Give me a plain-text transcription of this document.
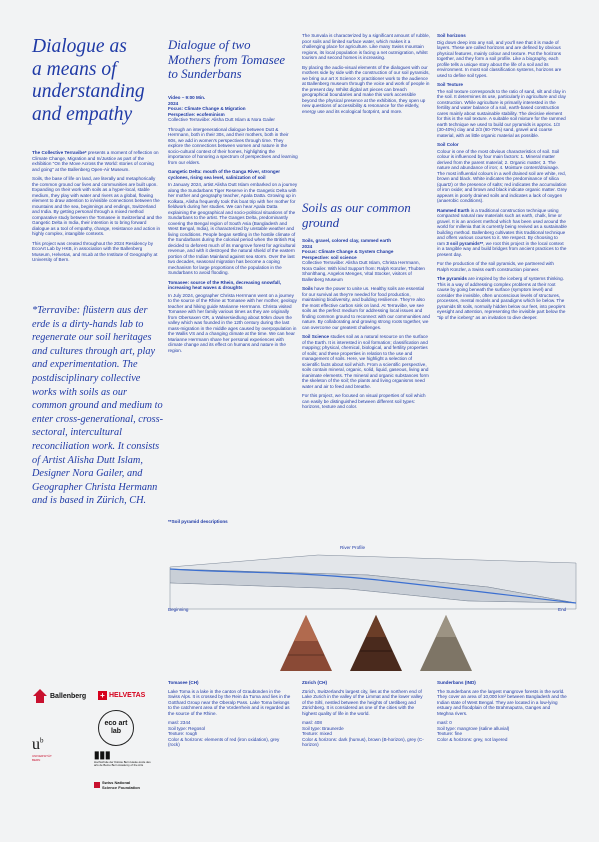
Dialogue as
a means of
understanding
and empathy

The Collective Terravibe* presents a moment of reflection on Climate Change, Migration and In/Justice as part of the exhibition "On the Move Across the World: stories of coming and going" at the Ballenberg Open-Air Museum.

Soils, the base of life on land, are literally and metaphorically the common ground our lives and communities are built upon. Expanding on their work with soils as a hyper-local, stable medium, they play with water and rivers as a global, flowing element to draw attention to in/visible connections between the mountains and the sea, beginnings and endings, Switzerland and India. By getting personal through a mixed method comparative study between the Tomasee in Switzerland and the Gangetic Delta in India, their intention is to bring forward dialogue as a tool of empathy, change, resistance and action in highly complex, intangible contexts.

This project was created throughout the 2024 Residency by EcoArt Lab by HKB, in association with the Ballenberg Museum, Helvetas, and mLab at the Institute of Geography at University of Bern.

*Terravibe: flüstern aus der erde is a dirty-hands lab to regenerate our soil heritages and cultures through art, play and experimentation. The postdisciplinary collective works with soils as our common ground and medium to enter cross-generational, cross-sectoral, intercultural reconciliation work. It consists of Artist Alisha Dutt Islam, Designer Nora Gailer, and Geographer Christa Hermann and is based in Zürich, CH.
Ballenberg + HELVETAS
eco art lab
$u^b$
UNIVERSITÄT BERN	▮▮▮
Hochschule der Künste Bern Haute école des arts de Berne Bern Academy of the Arts
Swiss National Science Foundation
Dialogue of two Mothers from Tomasee to Sunderbans

Video – 9:00 Min.
2024
Focus: Climate Change & Migration
Perspective: ecofeminism
Collective Terraviibe: Alisha Dutt Islam & Nora Gailer

Through an intergenerational dialogue between Dutt & Herrmann, both in their 30s, and their mothers, both in their 60s, we add in women's perspectives through time. They explore the connections between women and nature in the socio-cultural context of their homes, highlighting the importance of honoring a spectrum of perspectives and learning from our elders.

Gangetic Delta: mouth of the Ganga River, stronger cyclones, rising sea level, salinization of soil

In January 2024, artist Alisha Dutt Islam embarked on a journey along the Sundarbans Tiger Reserve in the Gangetic Delta with her mother and geography teacher, Apala Datta. Growing up in Kolkata, Alisha frequently took this boat trip with her mother for fieldwork during her studies. We can hear Apala Datta explaining the geographical and socio-political situations of the Sundarbans to the artist. The Ganges Delta, predominantly covering the Bengal region of South Asia (Bangladesh and West Bengal, India), is characterized by unstable weather and living conditions. People began settling in the hostile climate of the Sundarbans during the colonial period when the British Raj decided to deforest much of its mangrove forest for agricultural revenue, and with it destroyed the natural shield of the eastern portion of the Indian Mainland against sea storm. Over the last two decades, seasonal migration has become a coping mechanism for large proportions of the population in the Sundarbans to avoid flooding.

Tomasee: source of the Rhein, decreasing snowfall, increasing heat waves & droughts

In July 2024, geographer Christa Herrmann went on a journey to the source of the Rhine at Tomasee with her mother, geology teacher and hiking guide Marianne Herrmann. Christa visited Tomasee with her family various times as they are originally from Obersaxen GR, a Walsersiedlung about 50km down the valley which was founded in the 12th century during the last mass-migration in the middle ages caused by overpopulation in the Wallis VS and a changing climate at the time. We can hear Marianne Herrmann share her personal experiences with climate change and its effect on humans and nature in the region.

The Sunvala is characterized by a significant amount of rubble, poor soils and limited surface water, which makes it a challenging place for agriculture. Like many Swiss mountain regions, its local population is facing a net outmigration, whilst tourism and second homes is increasing.

By placing the audio-visual elements of the dialogues with our mothers side by side with the construction of our soil pyramids, we bring our art X Science X practitioner work to the audience at Ballenberg museum through the voice and work of people in the present day. Whilst digital art pieces can breach geographical boundaries and make this work accessible beyond the physical presence at the exhibition, they open up new questions of accessibility & resonance for the elderly, energy use and its ecological footprint, and more.

Soils as our common ground

Soils, gravel, colored clay, rammed earth
2024
Focus: Climate Change & System Change
Perspective: soil science
Collective Terraviibe: Alisha Dutt Islam, Christa Herrmann, Nora Gailer. With kind Support from: Ralph Künzler, Thubten Shonlthang, Angelos Menges, Vital Stocker, visitors of Ballenberg Museum

Soils have the power to unite us. Healthy soils are essential for our survival as they're needed for food production, maintaining biodiversity, and building resilience. They're also the most effective carbon sink on land. At Terraviibe, we see soils as the perfect medium for addressing local issues and finding common ground to reconnect with our communities and nature. By collaborating and growing strong roots together, we can overcome our greatest challenges.

Soil Science studies soil as a natural resource on the surface of the Earth. It is interested in soil formation; classification and mapping; physical, chemical, biological, and fertility properties of soils; and these properties in relation to the use and management of soils. Here, we highlight a selection of scientific facts about soil which. From a scientific perspective, soils contain mineral, organic, solid, liquid, gaseous, living and inanimate elements. The mineral and organic substances form the skeleton of the soil; the plants and living organisms need water and air to feed and breathe.

For this project, we focused on visual properties of soil which can easily be distinguished between different soil types: horizons, texture and color.

Soil horizons

Dig down deep into any soil, and you'll see that it is made of layers. These are called horizons and are defined by obvious physical features, mainly colour and texture. Put the horizons together, and they form a soil profile. Like a biography, each profile tells a unique story about the life of a soil and its environment. In most soil classification systems, horizons are used to define soil types.

Soil Texture

The soil texture corresponds to the ratio of sand, silt and clay in the soil. It determines its use, particularly in agriculture and clay construction. While agriculture is primarily interested in the fertility and water balance of a soil, earth-based construction cares mainly about sustainable stability. The decisive element for this is the soil texture. A suitable soil mixture for the rammed earth technique we used to build our pyramids is approx. 1/3 (30-40%) clay and 2/3 (60-70%) sand, gravel and coarse material, with as little organic material as possible.

Soil Color

Colour is one of the most obvious characteristics of soil. Soil colour is influenced by four main factors: 1. Mineral matter derived from the parent material; 2. Organic matter; 3. The nature and abundance of iron; 4. Moisture content/drainage. The most influential colours in a well drained soil are white, red, brown and black. White indicates the predominance of silica (quartz) or the presence of salts; red indicates the accumulation of iron oxide; and brown and black indicate organic matter. Grey appears in poorly drained soils and indicates a lack of oxygen (anaerobic conditions).

Rammed Earth is a traditional construction technique using compacted natural raw materials such as earth, chalk, lime or gravel. It is an ancient method which has been used around the world for millenia that is currently being revived as a sustainable building method. Ballenberg cultivates this traditional technique and offers various courses to it. We respect. By choosing to ram 3 soil pyramids**, we root this project in the local context in a tangible way and build bridges from ancient practices to the present day.

For the production of the soil pyramids, we partnered with Ralph Künzler, a Swiss earth construction pioneer.

The pyramids are inspired by the iceberg of systems thinking. This is a way of addressing complex problems at their root cause by going beneath the surface (symptom level) and consider the invisible, often unconscious levels of structures, processes, mental models and paradigms which lie below. The pyramids tilt soils, normally hidden below our feet, into people's eyesight and attention, representing the invisible part below the "tip of the iceberg" as an invitation to dive deeper.

**Soil pyramid descriptions
River Profile
Beginning	End

Tomasee (CH)

Lake Toma is a lake in the canton of Graubünden in the Swiss Alps. It is crossed by the Rein da Tuma and lies in the Gotthard Group near the Oberalp Pass. Lake Toma belongs to the catchment area of the Vorderrhein and is regarded as the source of the Rhine.

masl: 2344
Soil type: Regosol
Texture: rough
Color & horizons: elements of red (iron oxidation), grey (rock)

Zürich (CH)

Zürich, Switzerland's largest city, lies at the northern end of Lake Zurich in the valley of the Limmat and the lower valley of the Sihl, nestled between the heights of Uetliberg and Zürichberg. It is considered as one of the cities with the highest quality of life in the world.

masl: 408
Soil type: Braunerde
Texture: mixed
Color & horizons: dark (humus), brown (B-horizon), grey (C-horizon)

Sunderbans (IND)

The Sunderbans are the largest mangrove forests in the world. They cover an area of 10,000 km² between Bangladesh and the Indian state of West Bengal. They are located in a low-lying estuary and floodplain of the Brahmaputra, Ganges and Meghna rivers.

masl: 0
Soil type: mangrove (saline alluvial)
Texture: fine
Color & horizons: grey, not layered
